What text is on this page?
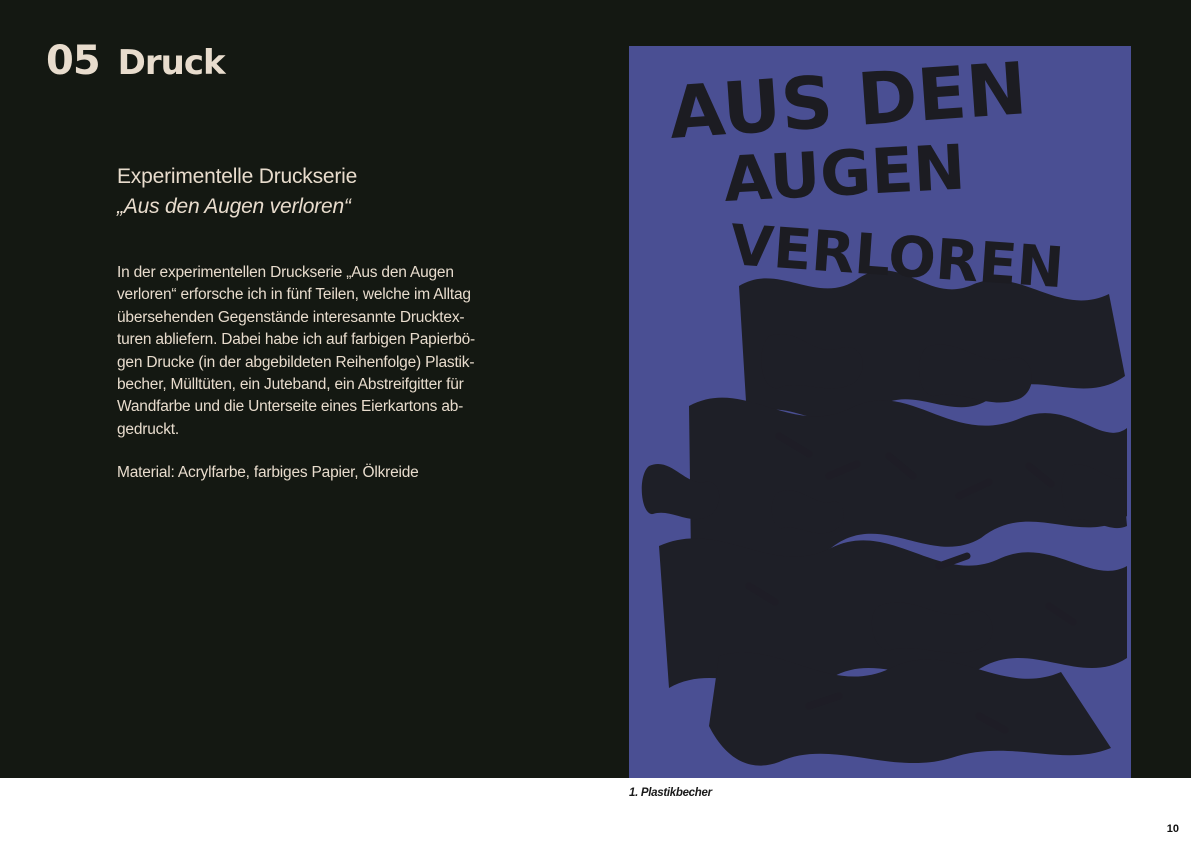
05 Druck
Experimentelle Druckserie
„Aus den Augen verloren“
In der experimentellen Druckserie „Aus den Augen
verloren“ erforsche ich in fünf Teilen, welche im Alltag
übersehenden Gegenstände interesannte Drucktex-
turen abliefern. Dabei habe ich auf farbigen Papierbö-
gen Drucke (in der abgebildeten Reihenfolge) Plastik-
becher, Mülltüten, ein Juteband, ein Abstreifgitter für
Wandfarbe und die Unterseite eines Eierkartons ab-
gedruckt.
Material: Acrylfarbe, farbiges Papier, Ölkreide
AUS DEN
AUGEN
VERLOREN
1. Plastikbecher
10
